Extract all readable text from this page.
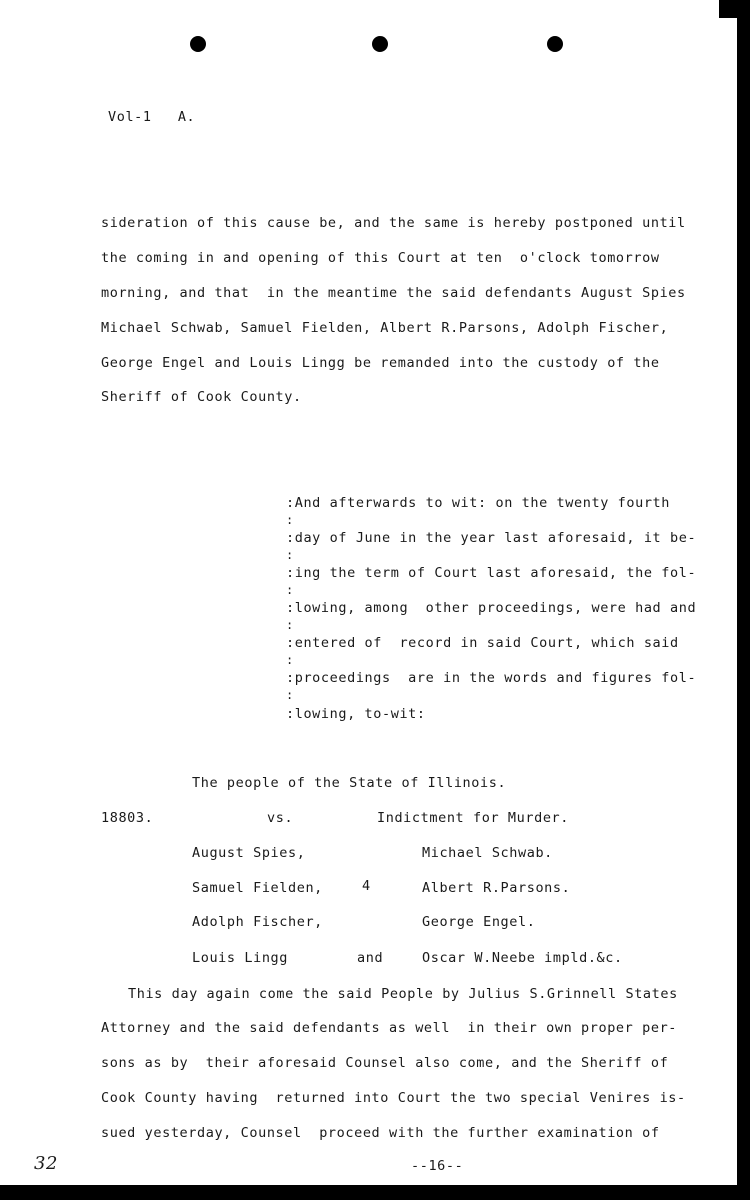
Vol-1   A.
sideration of this cause be, and the same is hereby postponed until
the coming in and opening of this Court at ten  o'clock tomorrow
morning, and that  in the meantime the said defendants August Spies
Michael Schwab, Samuel Fielden, Albert R.Parsons, Adolph Fischer,
George Engel and Louis Lingg be remanded into the custody of the
Sheriff of Cook County.
:And afterwards to wit: on the twenty fourth
:
:day of June in the year last aforesaid, it be-
:
:ing the term of Court last aforesaid, the fol-
:
:lowing, among  other proceedings, were had and
:
:entered of  record in said Court, which said
:
:proceedings  are in the words and figures fol-
:
:lowing, to-wit:
The people of the State of Illinois.
18803.	vs.	Indictment for Murder.
August Spies,	Michael Schwab.
Samuel Fielden,	4	Albert R.Parsons.
Adolph Fischer,	George Engel.
Louis Lingg	and	Oscar W.Neebe impld.&c.
This day again come the said People by Julius S.Grinnell States
Attorney and the said defendants as well  in their own proper per-
sons as by  their aforesaid Counsel also come, and the Sheriff of
Cook County having  returned into Court the two special Venires is-
sued yesterday, Counsel  proceed with the further examination of
32	--16--
